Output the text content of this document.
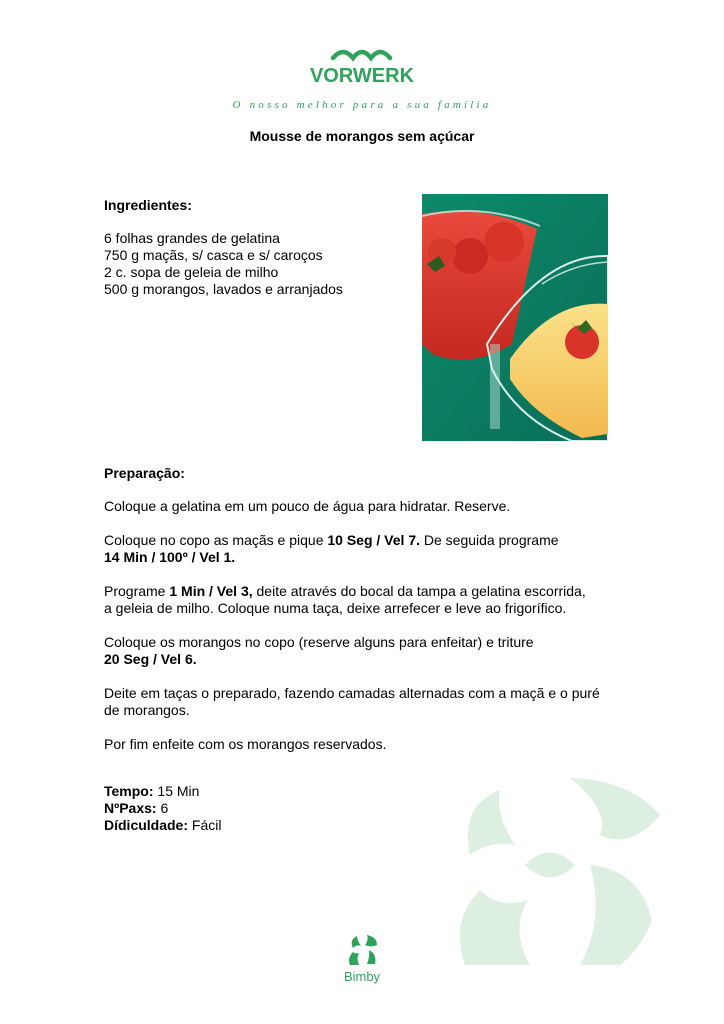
VORWERK
O nosso melhor para a sua família
Mousse de morangos sem açúcar
Ingredientes:
6 folhas grandes de gelatina
750 g maçãs, s/ casca e s/ caroços
2 c. sopa de geleia de milho
500 g morangos, lavados e arranjados
Preparação:

Coloque a gelatina em um pouco de água para hidratar. Reserve.

Coloque no copo as maçãs e pique 10 Seg / Vel 7. De seguida programe
14 Min / 100º / Vel 1.

Programe 1 Min / Vel 3, deite através do bocal da tampa a gelatina escorrida,
a geleia de milho. Coloque numa taça, deixe arrefecer e leve ao frigorífico.

Coloque os morangos no copo (reserve alguns para enfeitar) e triture
20 Seg / Vel 6.

Deite em taças o preparado, fazendo camadas alternadas com a maçã e o puré
de morangos.

Por fim enfeite com os morangos reservados.

Tempo: 15 Min
NºPaxs: 6
Dídiculdade: Fácil
Bimby
